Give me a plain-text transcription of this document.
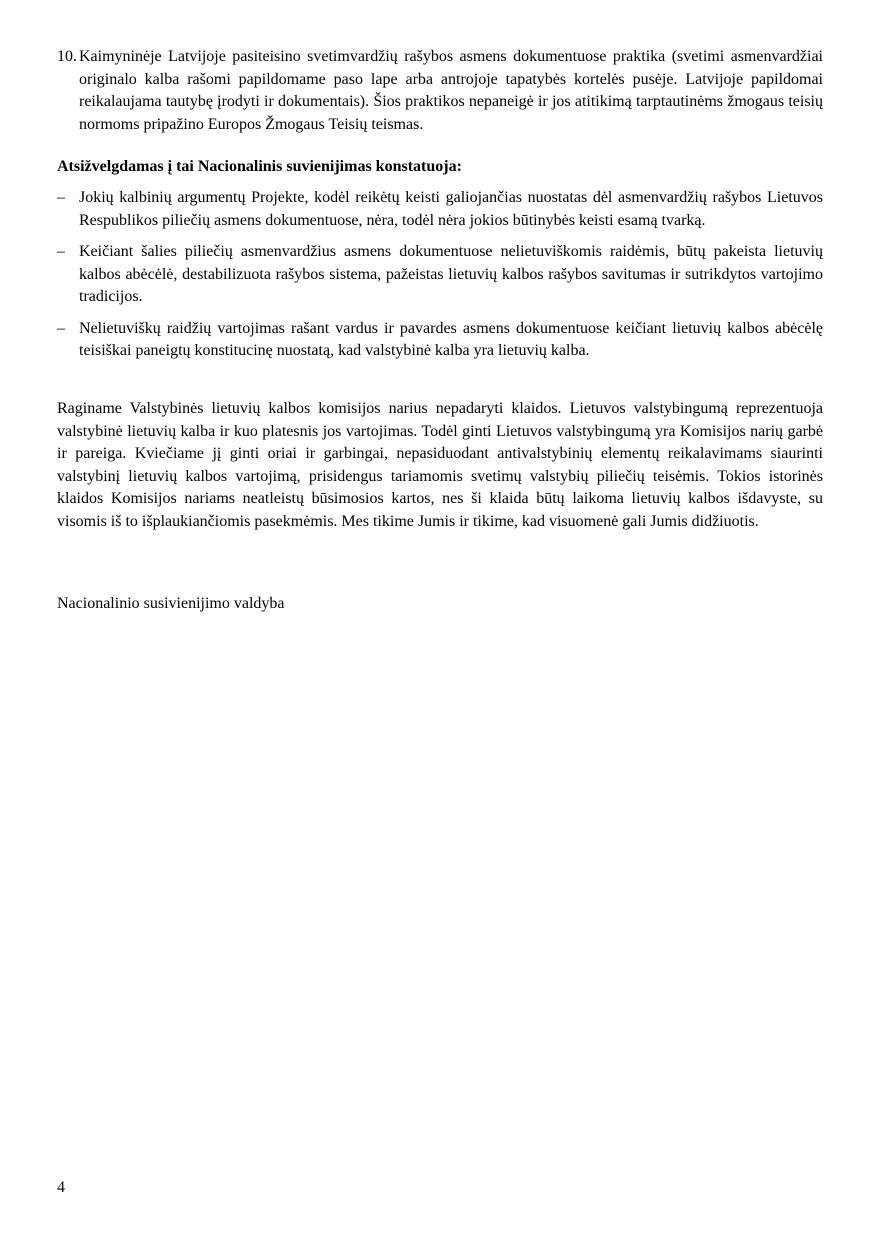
10. Kaimyninėje Latvijoje pasiteisino svetimvardžių rašybos asmens dokumentuose praktika (svetimi asmenvardžiai originalo kalba rašomi papildomame paso lape arba antrojoje tapatybės kortelės pusėje. Latvijoje papildomai reikalaujama tautybę įrodyti ir dokumentais). Šios praktikos nepaneigė ir jos atitikimą tarptautinėms žmogaus teisių normoms pripažino Europos Žmogaus Teisių teismas.
Atsižvelgdamas į tai Nacionalinis suvienijimas konstatuoja:
– Jokių kalbinių argumentų Projekte, kodėl reikėtų keisti galiojančias nuostatas dėl asmenvardžių rašybos Lietuvos Respublikos piliečių asmens dokumentuose, nėra, todėl nėra jokios būtinybės keisti esamą tvarką.
– Keičiant šalies piliečių asmenvardžius asmens dokumentuose nelietuviškomis raidėmis, būtų pakeista lietuvių kalbos abėcėlė, destabilizuota rašybos sistema, pažeistas lietuvių kalbos rašybos savitumas ir sutrikdytos vartojimo tradicijos.
– Nelietuviškų raidžių vartojimas rašant vardus ir pavardes asmens dokumentuose keičiant lietuvių kalbos abėcėlę teisiškai paneigtų konstitucinę nuostatą, kad valstybinė kalba yra lietuvių kalba.
Raginame Valstybinės lietuvių kalbos komisijos narius nepadaryti klaidos. Lietuvos valstybingumą reprezentuoja valstybinė lietuvių kalba ir kuo platesnis jos vartojimas. Todėl ginti Lietuvos valstybingumą yra Komisijos narių garbė ir pareiga. Kviečiame jį ginti oriai ir garbingai, nepasiduodant antivalstybinių elementų reikalavimams siaurinti valstybinį lietuvių kalbos vartojimą, prisidengus tariamomis svetimų valstybių piliečių teisėmis. Tokios istorinės klaidos Komisijos nariams neatleistų būsimosios kartos, nes ši klaida būtų laikoma lietuvių kalbos išdavyste, su visomis iš to išplaukiančiomis pasekmėmis. Mes tikime Jumis ir tikime, kad visuomenė gali Jumis didžiuotis.
Nacionalinio susivienijimo valdyba
4
